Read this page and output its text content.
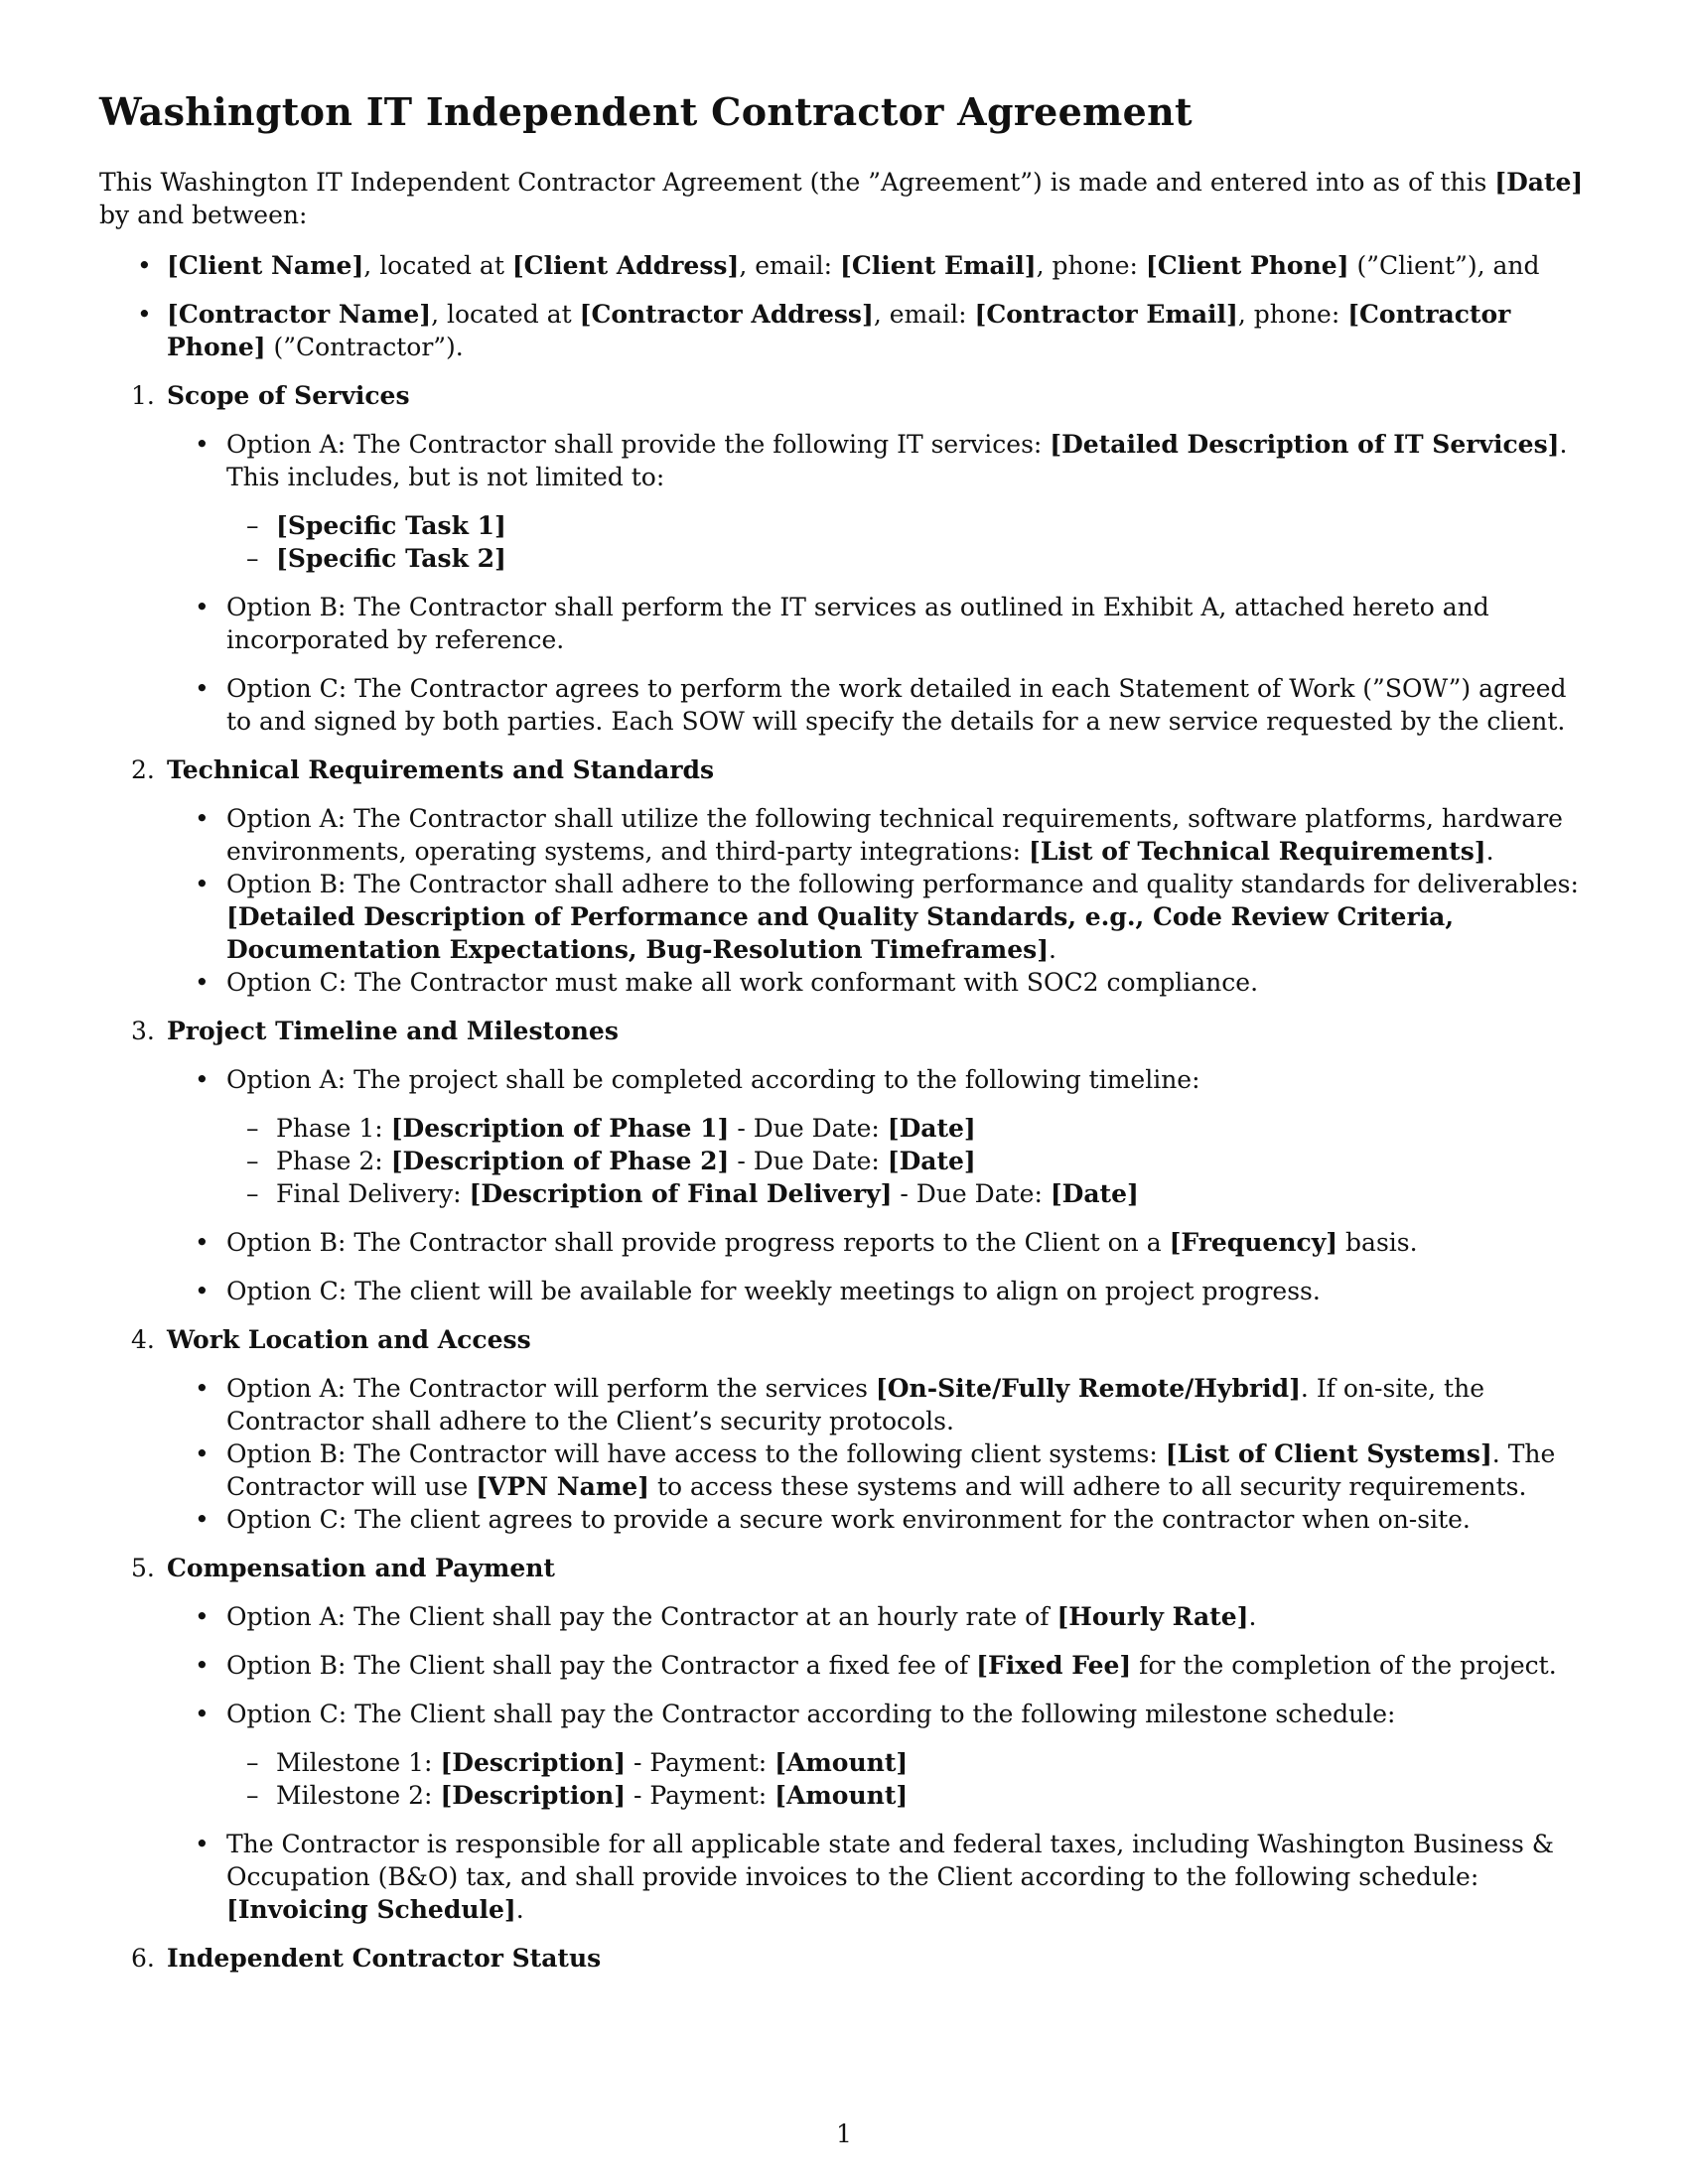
Washington IT Independent Contractor Agreement

This Washington IT Independent Contractor Agreement (the ”Agreement”) is made and entered into as of this [Date] by and between:

• [Client Name], located at [Client Address], email: [Client Email], phone: [Client Phone] (”Client”), and
• [Contractor Name], located at [Contractor Address], email: [Contractor Email], phone: [Contractor Phone] (”Contractor”).
1. Scope of Services
• Option A: The Contractor shall provide the following IT services: [Detailed Description of IT Services]. This includes, but is not limited to:
– [Specific Task 1]
– [Specific Task 2]
• Option B: The Contractor shall perform the IT services as outlined in Exhibit A, attached hereto and incorporated by reference.
• Option C: The Contractor agrees to perform the work detailed in each Statement of Work (”SOW”) agreed to and signed by both parties. Each SOW will specify the details for a new service requested by the client.
2. Technical Requirements and Standards
• Option A: The Contractor shall utilize the following technical requirements, software platforms, hardware environments, operating systems, and third-party integrations: [List of Technical Requirements].
• Option B: The Contractor shall adhere to the following performance and quality standards for deliverables: [Detailed Description of Performance and Quality Standards, e.g., Code Review Criteria, Documentation Expectations, Bug-Resolution Timeframes].
• Option C: The Contractor must make all work conformant with SOC2 compliance.
3. Project Timeline and Milestones
• Option A: The project shall be completed according to the following timeline:
– Phase 1: [Description of Phase 1] - Due Date: [Date]
– Phase 2: [Description of Phase 2] - Due Date: [Date]
– Final Delivery: [Description of Final Delivery] - Due Date: [Date]
• Option B: The Contractor shall provide progress reports to the Client on a [Frequency] basis.
• Option C: The client will be available for weekly meetings to align on project progress.
4. Work Location and Access
• Option A: The Contractor will perform the services [On-Site/Fully Remote/Hybrid]. If on-site, the Contractor shall adhere to the Client’s security protocols.
• Option B: The Contractor will have access to the following client systems: [List of Client Systems]. The Contractor will use [VPN Name] to access these systems and will adhere to all security requirements.
• Option C: The client agrees to provide a secure work environment for the contractor when on-site.
5. Compensation and Payment
• Option A: The Client shall pay the Contractor at an hourly rate of [Hourly Rate].
• Option B: The Client shall pay the Contractor a fixed fee of [Fixed Fee] for the completion of the project.
• Option C: The Client shall pay the Contractor according to the following milestone schedule:
– Milestone 1: [Description] - Payment: [Amount]
– Milestone 2: [Description] - Payment: [Amount]
• The Contractor is responsible for all applicable state and federal taxes, including Washington Business & Occupation (B&O) tax, and shall provide invoices to the Client according to the following schedule: [Invoicing Schedule].
6. Independent Contractor Status
1
